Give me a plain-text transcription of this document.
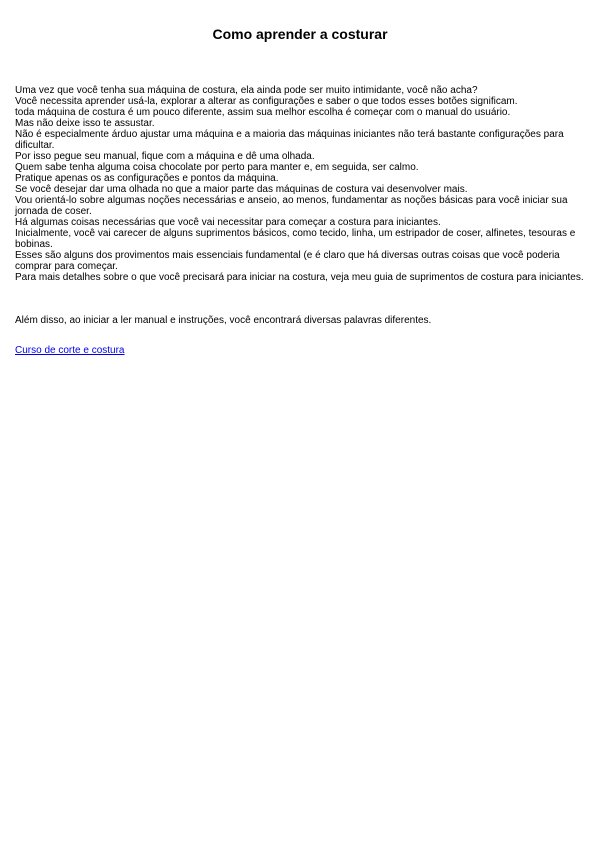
Como aprender a costurar
Uma vez que você tenha sua máquina de costura, ela ainda pode ser muito intimidante, você não acha?
Você necessita aprender usá-la, explorar a alterar as configurações e saber o que todos esses botões significam.
toda máquina de costura é um pouco diferente, assim sua melhor escolha é começar com o manual do usuário.
Mas não deixe isso te assustar.
Não é especialmente árduo ajustar uma máquina e a maioria das máquinas iniciantes não terá bastante configurações para dificultar.
Por isso pegue seu manual, fique com a máquina e dê uma olhada.
Quem sabe tenha alguma coisa chocolate por perto para manter e, em seguida, ser calmo.
Pratique apenas os as configurações e pontos da máquina.
Se você desejar dar uma olhada no que a maior parte das máquinas de costura vai desenvolver mais.
Vou orientá-lo sobre algumas noções necessárias e anseio, ao menos, fundamentar as noções básicas para você iniciar sua jornada de coser.
Há algumas coisas necessárias que você vai necessitar para começar a costura para iniciantes.
Inicialmente, você vai carecer de alguns suprimentos básicos, como tecido, linha, um estripador de coser, alfinetes, tesouras e bobinas.
Esses são alguns dos provimentos mais essenciais fundamental (e é claro que há diversas outras coisas que você poderia comprar para começar.
Para mais detalhes sobre o que você precisará para iniciar na costura, veja meu guia de suprimentos de costura para iniciantes.

Além disso, ao iniciar a ler manual e instruções, você encontrará diversas palavras diferentes.

Curso de corte e costura
